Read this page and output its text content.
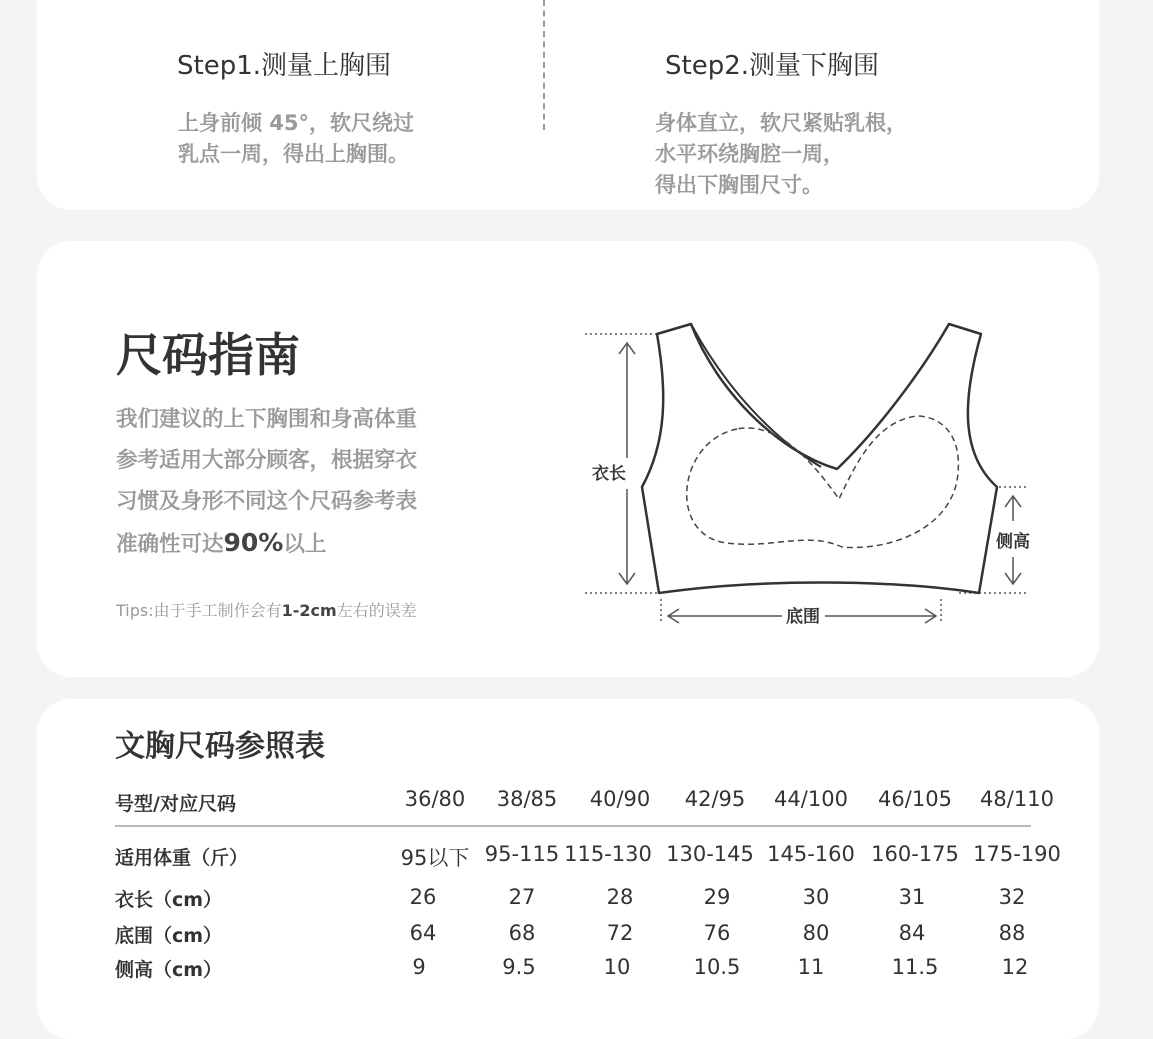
Step1.测量上胸围
上身前倾 45°，软尺绕过
乳点一周，得出上胸围。
Step2.测量下胸围
身体直立，软尺紧贴乳根，
水平环绕胸腔一周，
得出下胸围尺寸。
尺码指南
我们建议的上下胸围和身高体重
参考适用大部分顾客，根据穿衣
习惯及身形不同这个尺码参考表
准确性可达90%以上
Tips:由于手工制作会有1-2cm左右的误差
衣长
侧高
底围
文胸尺码参照表
号型/对应尺码	36/80	38/85	40/90	42/95	44/100	46/105	48/110
适用体重（斤）	95以下 95-115 115-130 130-145 145-160 160-175 175-190
衣长（cm）	26	27	28	29	30	31	32
底围（cm）	64	68	72	76	80	84	88
侧高（cm）	9	9.5	10	10.5	11	11.5	12
